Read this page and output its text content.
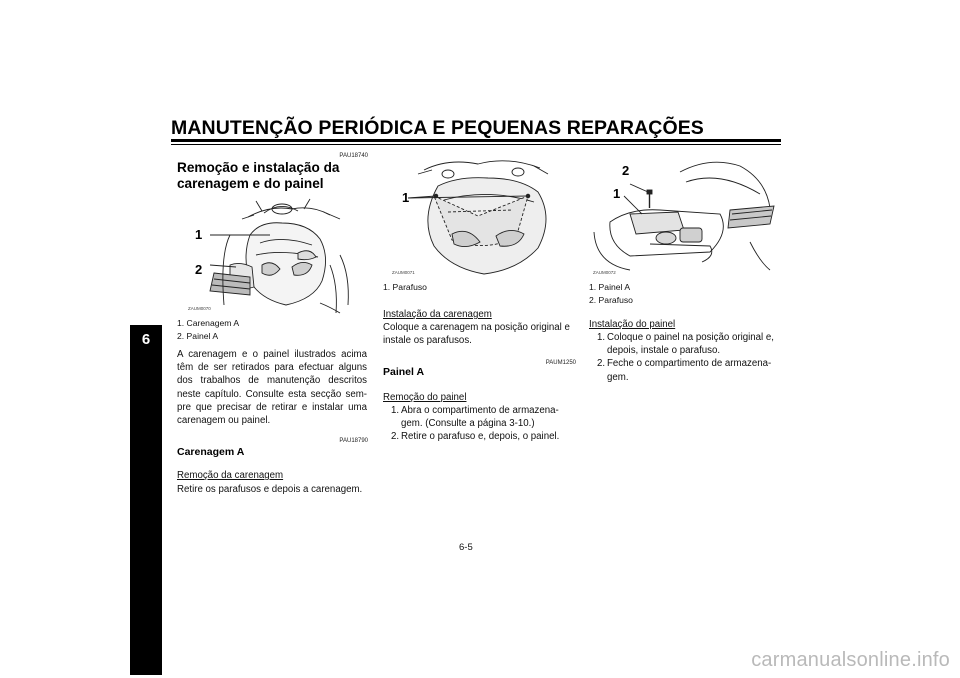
MANUTENÇÃO PERIÓDICA E PEQUENAS REPARAÇÕES
6
PAU18740
Remoção e instalação da
carenagem e do painel
1
2
ZAUM0070
1. Carenagem A
2. Painel A
A carenagem e o painel ilustrados acima têm de ser retirados para efectuar alguns dos trabalhos de manutenção descritos neste capítulo. Consulte esta secção sem-pre que precisar de retirar e instalar uma carenagem ou painel.
PAU18790
Carenagem A
Remoção da carenagem
Retire os parafusos e depois a carenagem.
1
ZAUM0071
1. Parafuso
Instalação da carenagem
Coloque a carenagem na posição original e instale os parafusos.
PAUM1250
Painel A
Remoção do painel
1. Abra o compartimento de armazena-gem. (Consulte a página 3-10.)
2. Retire o parafuso e, depois, o painel.
2
1
ZAUM0072
1. Painel A
2. Parafuso
Instalação do painel
1. Coloque o painel na posição original e, depois, instale o parafuso.
2. Feche o compartimento de armazena-gem.
6-5
carmanualsonline.info
